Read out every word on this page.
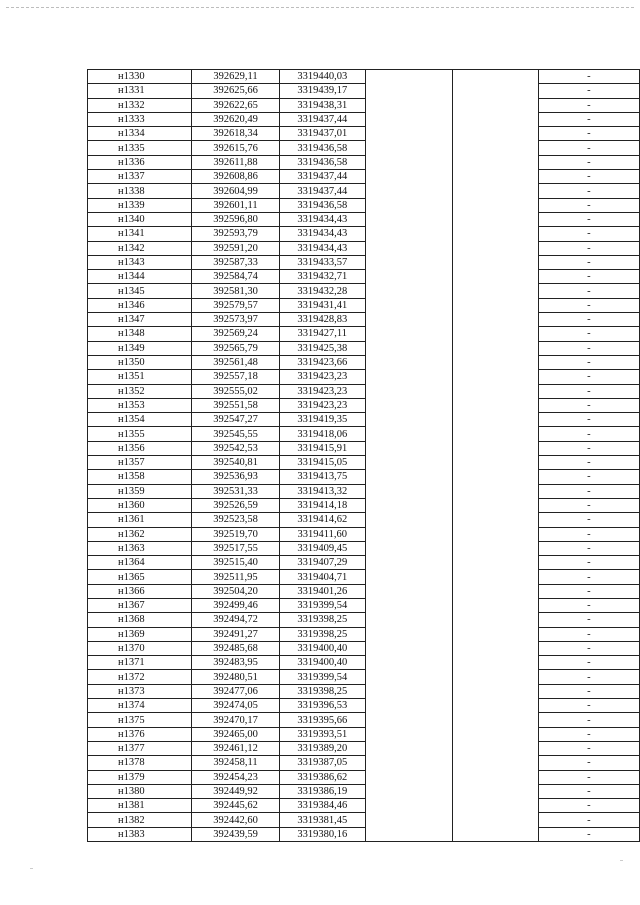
н1330	392629,11	3319440,03			-
н1331	392625,66	3319439,17			-
н1332	392622,65	3319438,31			-
н1333	392620,49	3319437,44			-
н1334	392618,34	3319437,01			-
н1335	392615,76	3319436,58			-
н1336	392611,88	3319436,58			-
н1337	392608,86	3319437,44			-
н1338	392604,99	3319437,44			-
н1339	392601,11	3319436,58			-
н1340	392596,80	3319434,43			-
н1341	392593,79	3319434,43			-
н1342	392591,20	3319434,43			-
н1343	392587,33	3319433,57			-
н1344	392584,74	3319432,71			-
н1345	392581,30	3319432,28			-
н1346	392579,57	3319431,41			-
н1347	392573,97	3319428,83			-
н1348	392569,24	3319427,11			-
н1349	392565,79	3319425,38			-
н1350	392561,48	3319423,66			-
н1351	392557,18	3319423,23			-
н1352	392555,02	3319423,23			-
н1353	392551,58	3319423,23			-
н1354	392547,27	3319419,35			-
н1355	392545,55	3319418,06			-
н1356	392542,53	3319415,91			-
н1357	392540,81	3319415,05			-
н1358	392536,93	3319413,75			-
н1359	392531,33	3319413,32			-
н1360	392526,59	3319414,18			-
н1361	392523,58	3319414,62			-
н1362	392519,70	3319411,60			-
н1363	392517,55	3319409,45			-
н1364	392515,40	3319407,29			-
н1365	392511,95	3319404,71			-
н1366	392504,20	3319401,26			-
н1367	392499,46	3319399,54			-
н1368	392494,72	3319398,25			-
н1369	392491,27	3319398,25			-
н1370	392485,68	3319400,40			-
н1371	392483,95	3319400,40			-
н1372	392480,51	3319399,54			-
н1373	392477,06	3319398,25			-
н1374	392474,05	3319396,53			-
н1375	392470,17	3319395,66			-
н1376	392465,00	3319393,51			-
н1377	392461,12	3319389,20			-
н1378	392458,11	3319387,05			-
н1379	392454,23	3319386,62			-
н1380	392449,92	3319386,19			-
н1381	392445,62	3319384,46			-
н1382	392442,60	3319381,45			-
н1383	392439,59	3319380,16			-
